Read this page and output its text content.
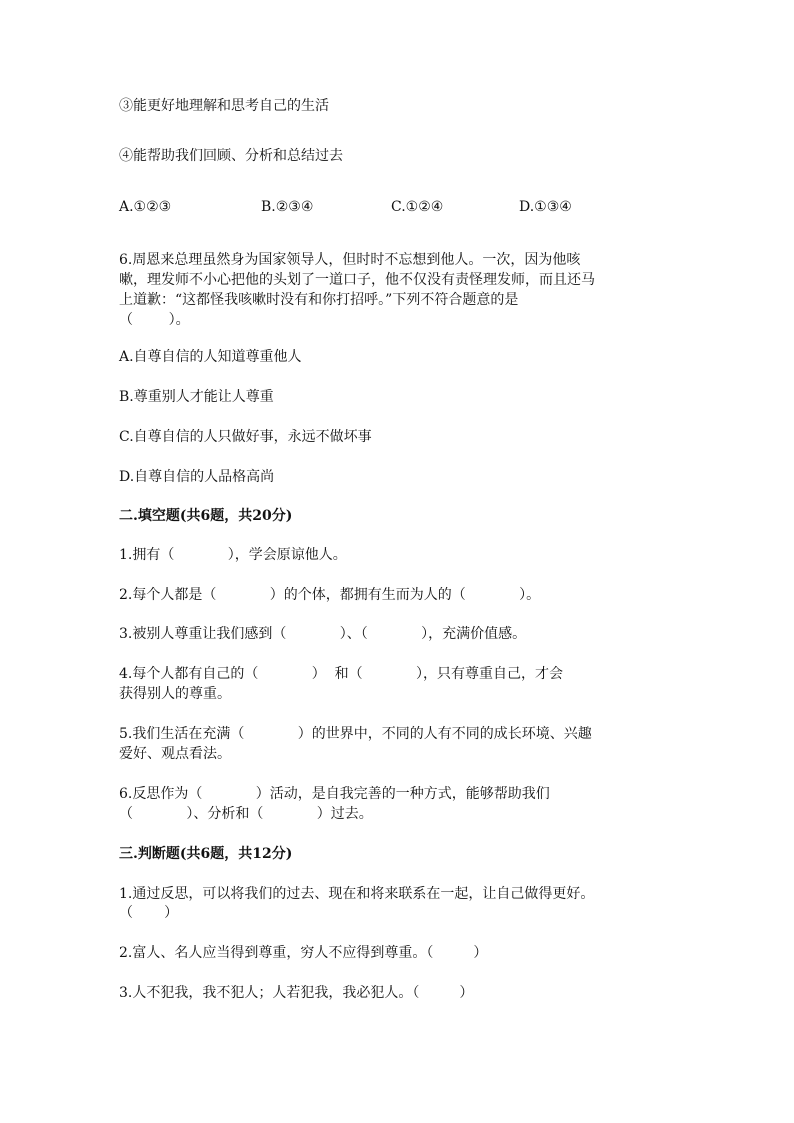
③能更好地理解和思考自己的生活

④能帮助我们回顾、分析和总结过去

A.①②③	B.②③④	C.①②④	D.①③④

6.周恩来总理虽然身为国家领导人，但时时不忘想到他人。一次，因为他咳

嗽，理发师不小心把他的头划了一道口子，他不仅没有责怪理发师，而且还马

上道歉：“这都怪我咳嗽时没有和你打招呼。”下列不符合题意的是

（        ）。

A.自尊自信的人知道尊重他人

B.尊重别人才能让人尊重

C.自尊自信的人只做好事，永远不做坏事

D.自尊自信的人品格高尚

二.填空题(共6题，共20分)

1.拥有（            ），学会原谅他人。

2.每个人都是（            ）的个体，都拥有生而为人的（            ）。

3.被别人尊重让我们感到（            ）、（            ），充满价值感。

4.每个人都有自己的（            ）  和（            ），只有尊重自己，才会

获得别人的尊重。

5.我们生活在充满（            ）的世界中，不同的人有不同的成长环境、兴趣

爱好、观点看法。

6.反思作为（            ）活动，是自我完善的一种方式，能够帮助我们

（            ）、分析和（            ）过去。

三.判断题(共6题，共12分)

1.通过反思，可以将我们的过去、现在和将来联系在一起，让自己做得更好。

（       ）

2.富人、名人应当得到尊重，穷人不应得到尊重。（         ）

3.人不犯我，我不犯人；人若犯我，我必犯人。（         ）
